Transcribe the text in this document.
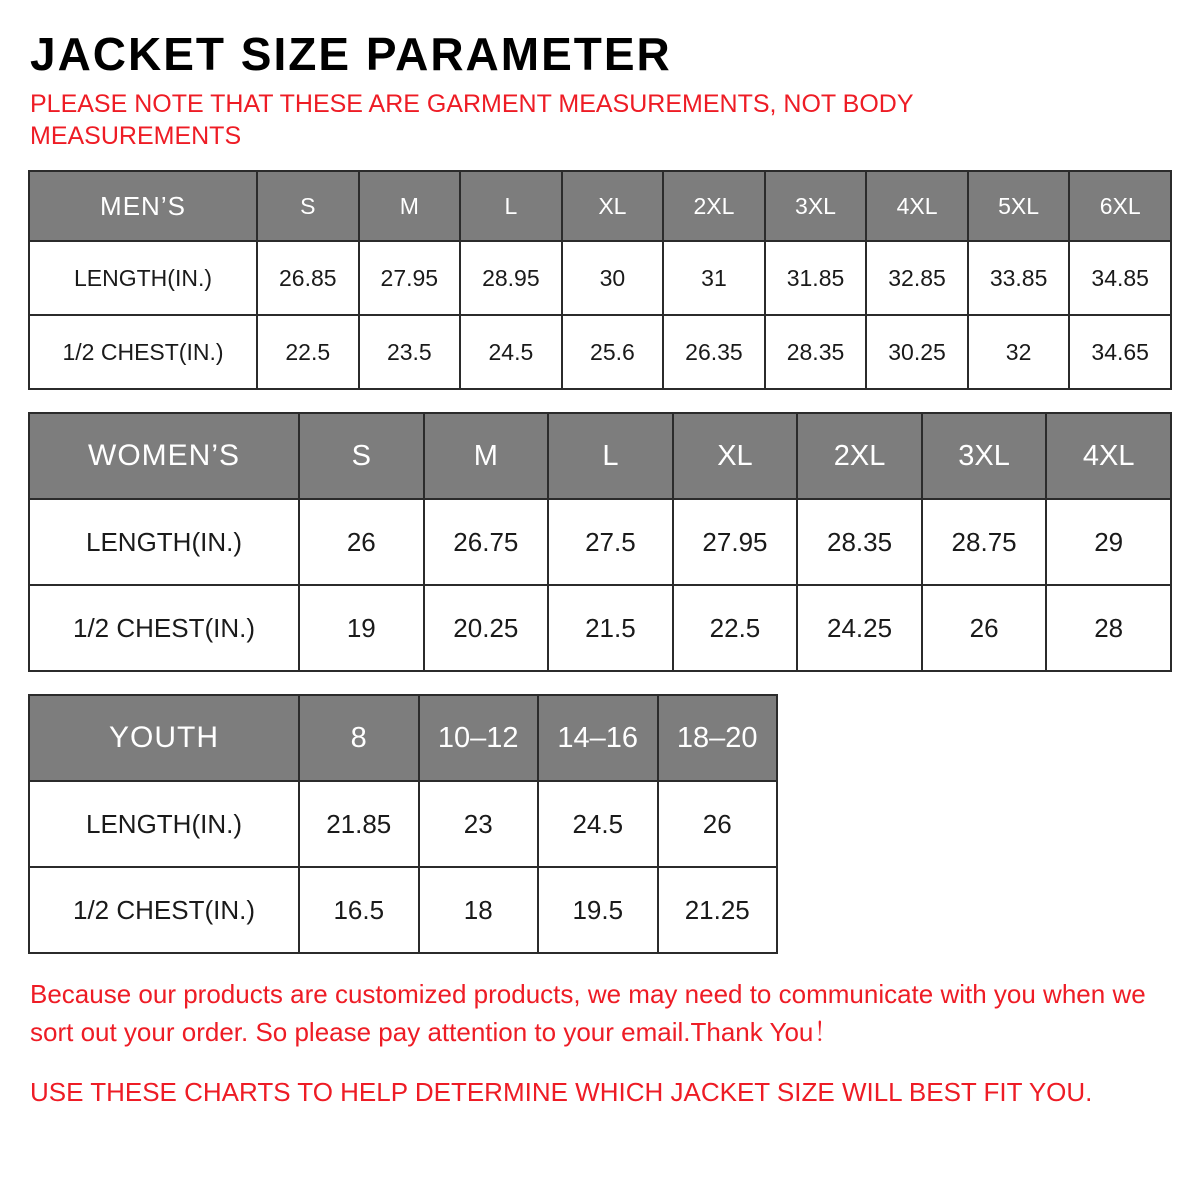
JACKET SIZE PARAMETER
PLEASE NOTE THAT THESE ARE GARMENT MEASUREMENTS, NOT BODY MEASUREMENTS
MEN’S	S	M	L	XL	2XL	3XL	4XL	5XL	6XL
LENGTH(IN.)	26.85	27.95	28.95	30	31	31.85	32.85	33.85	34.85
1/2 CHEST(IN.)	22.5	23.5	24.5	25.6	26.35	28.35	30.25	32	34.65
WOMEN’S	S	M	L	XL	2XL	3XL	4XL
LENGTH(IN.)	26	26.75	27.5	27.95	28.35	28.75	29
1/2 CHEST(IN.)	19	20.25	21.5	22.5	24.25	26	28
YOUTH	8	10–12	14–16	18–20
LENGTH(IN.)	21.85	23	24.5	26
1/2 CHEST(IN.)	16.5	18	19.5	21.25
Because our products are customized products, we may need to communicate with you when we sort out your order. So please pay attention to your email.Thank You！
USE THESE CHARTS TO HELP DETERMINE WHICH JACKET SIZE WILL BEST FIT YOU.
